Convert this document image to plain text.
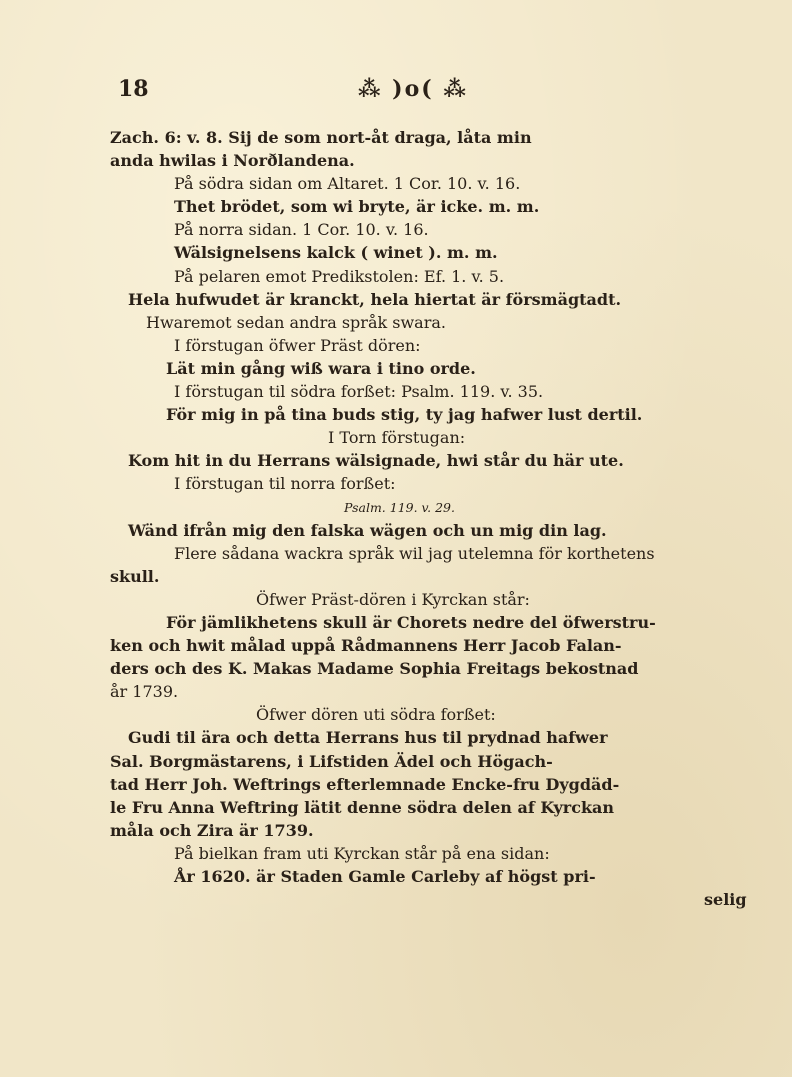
18	⁂ )o( ⁂
Zach. 6: v. 8. Sij de som nort-åt draga, låta min
anda hwilas i Norðlandena.
På södra sidan om Altaret. 1 Cor. 10. v. 16.
Thet brödet, som wi bryte, är icke. m. m.
På norra sidan. 1 Cor. 10. v. 16.
Wälsignelsens kalck ( winet ). m. m.
På pelaren emot Predikstolen: Ef. 1. v. 5.
Hela hufwudet är kranckt, hela hiertat är försmägtadt.
Hwaremot sedan andra språk swara.
I förstugan öfwer Präst dören:
Lät min gång wiß wara i tino orde.
I förstugan til södra forßet: Psalm. 119. v. 35.
För mig in på tina buds stig, ty jag hafwer lust dertil.
I Torn förstugan:
Kom hit in du Herrans wälsignade, hwi står du här ute.
I förstugan til norra forßet:
Psalm. 119. v. 29.
Wänd ifrån mig den falska wägen och un mig din lag.
Flere sådana wackra språk wil jag utelemna för korthetens
skull.
Öfwer Präst-dören i Kyrckan står:
För jämlikhetens skull är Chorets nedre del öfwerstru-
ken och hwit målad uppå Rådmannens Herr Jacob Falan-
ders och des K. Makas Madame Sophia Freitags bekostnad
år 1739.
Öfwer dören uti södra forßet:
Gudi til ära och detta Herrans hus til prydnad hafwer
Sal. Borgmästarens, i Lifstiden Ädel och Högach-
tad Herr Joh. Weftrings efterlemnade Encke-fru Dygdäd-
le Fru Anna Weftring lätit denne södra delen af Kyrckan
måla och Zira är 1739.
På bielkan fram uti Kyrckan står på ena sidan:
År 1620. är Staden Gamle Carleby af högst pri-
selig
